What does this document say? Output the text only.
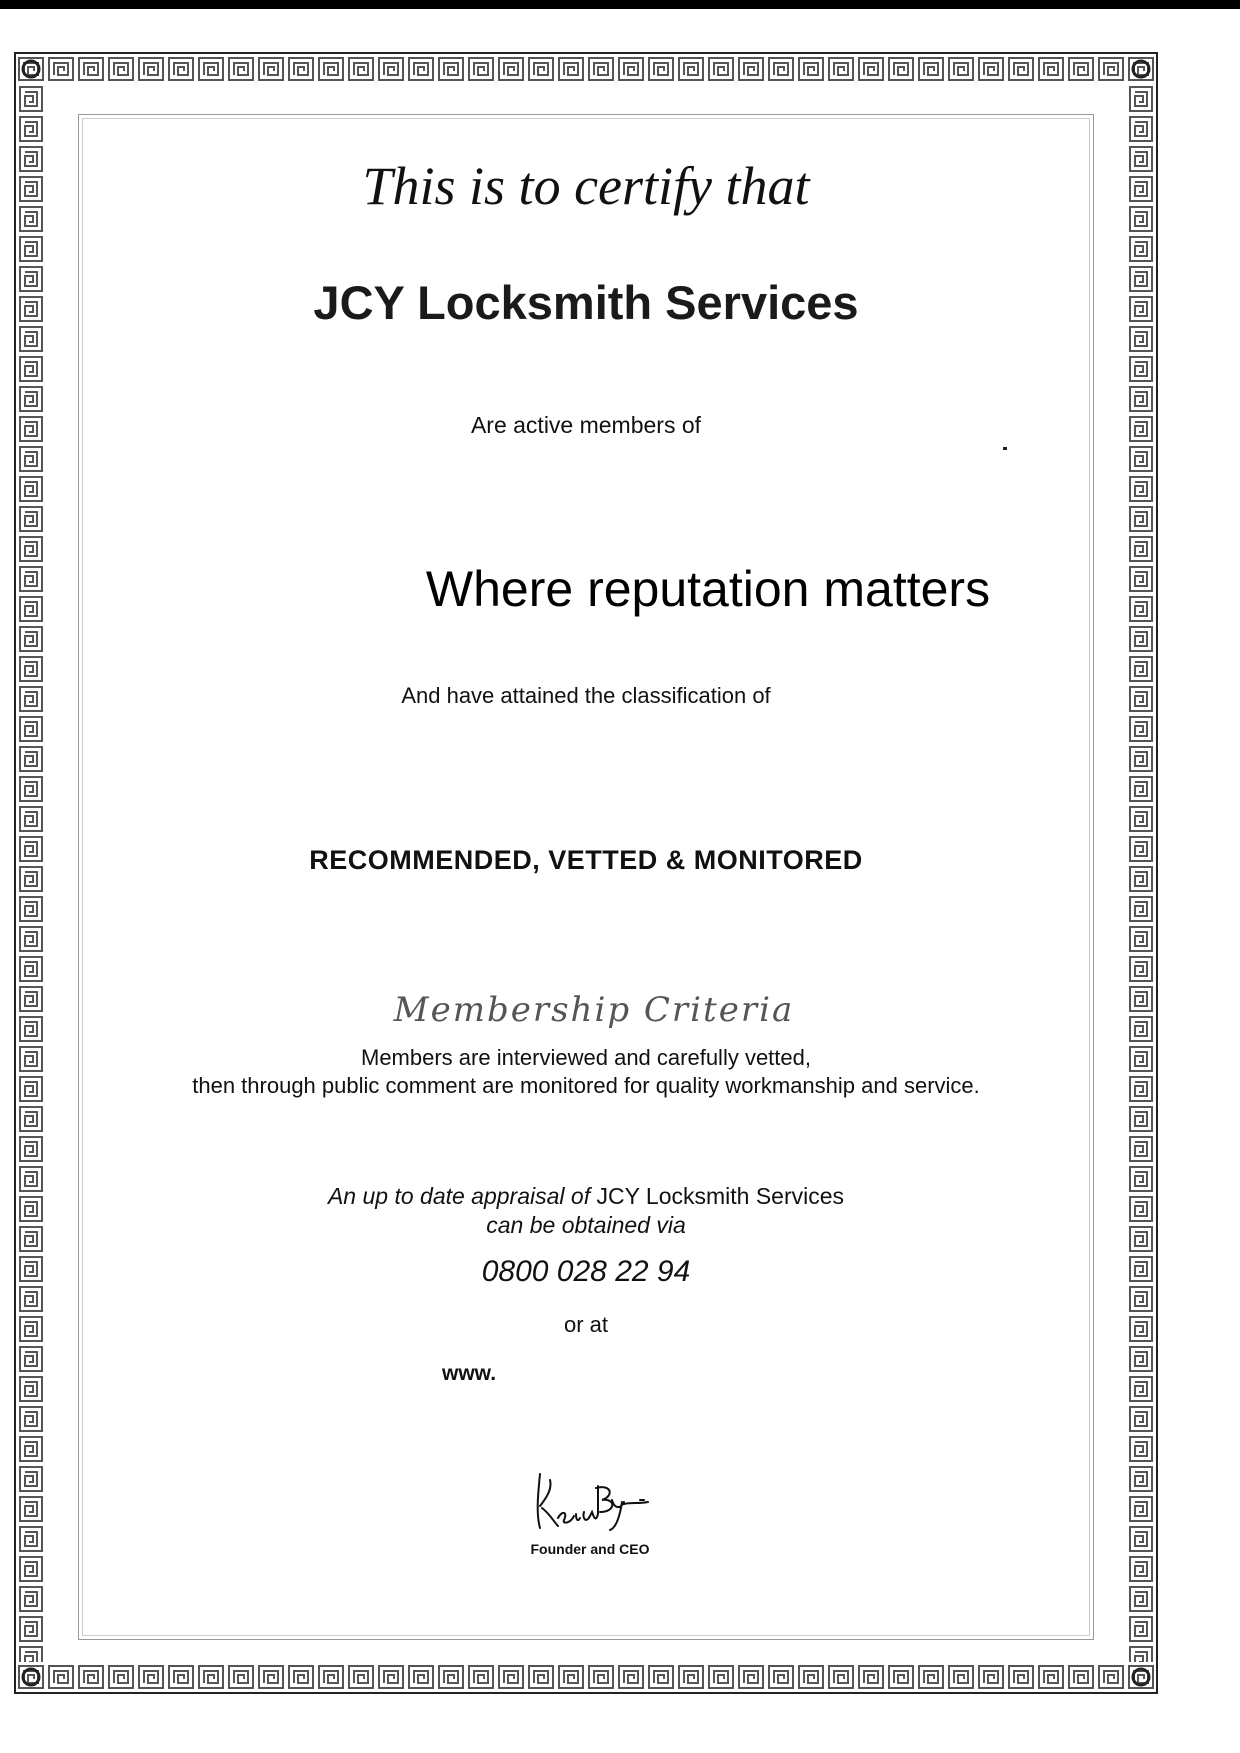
This is to certify that

JCY Locksmith Services

Are active members of

Where reputation matters

And have attained the classification of

RECOMMENDED, VETTED & MONITORED

Membership Criteria

Members are interviewed and carefully vetted,
then through public comment are monitored for quality workmanship and service.
An up to date appraisal of JCY Locksmith Services
can be obtained via

0800 028 22 94

or at

www.

Founder and CEO
